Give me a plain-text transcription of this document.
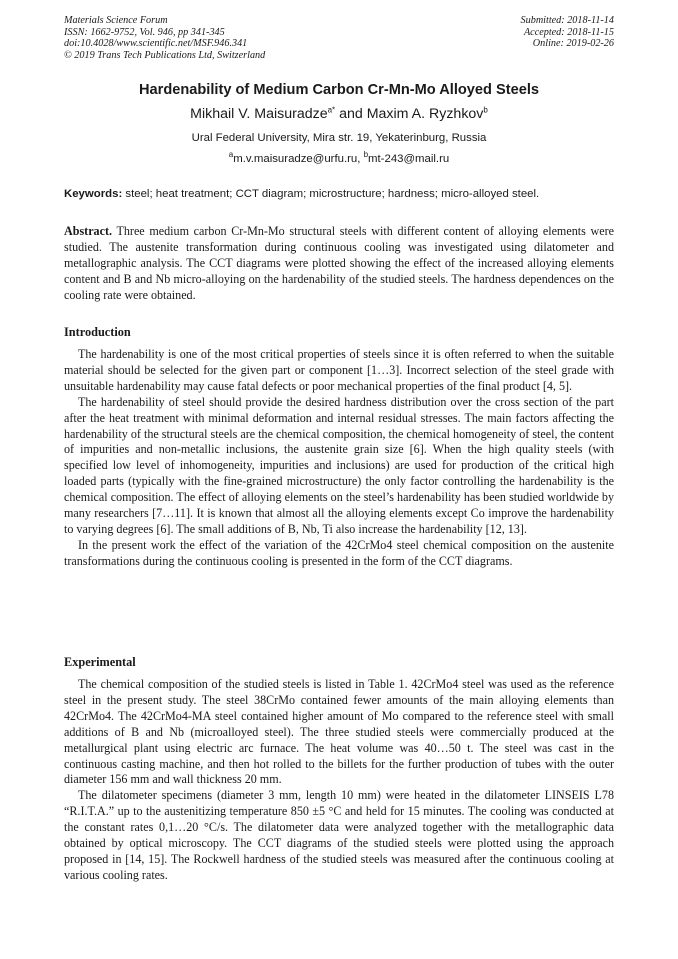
Materials Science Forum
ISSN: 1662-9752, Vol. 946, pp 341-345
doi:10.4028/www.scientific.net/MSF.946.341
© 2019 Trans Tech Publications Ltd, Switzerland
Submitted: 2018-11-14
Accepted: 2018-11-15
Online: 2019-02-26
Hardenability of Medium Carbon Cr-Mn-Mo Alloyed Steels
Mikhail V. Maisuradze$^{a*}$ and Maxim A. Ryzhkov$^b$
Ural Federal University, Mira str. 19, Yekaterinburg, Russia
$^a$m.v.maisuradze@urfu.ru, $^b$mt-243@mail.ru
Keywords: steel; heat treatment; CCT diagram; microstructure; hardness; micro-alloyed steel.
Abstract. Three medium carbon Cr-Mn-Mo structural steels with different content of alloying elements were studied. The austenite transformation during continuous cooling was investigated using dilatometer and metallographic analysis. The CCT diagrams were plotted showing the effect of the increased alloying elements content and B and Nb micro-alloying on the hardenability of the studied steels. The hardness dependences on the cooling rate were obtained.
Introduction

The hardenability is one of the most critical properties of steels since it is often referred to when the suitable material should be selected for the given part or component [1…3]. Incorrect selection of the steel grade with unsuitable hardenability may cause fatal defects or poor mechanical properties of the final product [4, 5].

The hardenability of steel should provide the desired hardness distribution over the cross section of the part after the heat treatment with minimal deformation and internal residual stresses. The main factors affecting the hardenability of the structural steels are the chemical composition, the chemical homogeneity of steel, the content of impurities and non-metallic inclusions, the austenite grain size [6]. When the high quality steels (with specified low level of inhomogeneity, impurities and inclusions) are used for production of the critical high loaded parts (typically with the fine-grained microstructure) the only factor controlling the hardenability is the chemical composition. The effect of alloying elements on the steel’s hardenability has been studied worldwide by many researchers [7…11]. It is known that almost all the alloying elements except Co improve the hardenability to varying degrees [6]. The small additions of B, Nb, Ti also increase the hardenability [12, 13].

In the present work the effect of the variation of the 42CrMo4 steel chemical composition on the austenite transformations during the continuous cooling is presented in the form of the CCT diagrams.

Experimental

The chemical composition of the studied steels is listed in Table 1. 42CrMo4 steel was used as the reference steel in the present study. The steel 38CrMo contained fewer amounts of the main alloying elements than 42CrMo4. The 42CrMo4-MA steel contained higher amount of Mo compared to the reference steel with small additions of B and Nb (microalloyed steel). The three studied steels were commercially produced at the metallurgical plant using electric arc furnace. The heat volume was 40…50 t. The steel was cast in the continuous casting machine, and then hot rolled to the billets for the further production of tubes with the outer diameter 156 mm and wall thickness 20 mm.

The dilatometer specimens (diameter 3 mm, length 10 mm) were heated in the dilatometer LINSEIS L78 “R.I.T.A.” up to the austenitizing temperature 850 ±5 °C and held for 15 minutes. The cooling was conducted at the constant rates 0,1…20 °C/s. The dilatometer data were analyzed together with the metallographic data obtained by optical microscopy. The CCT diagrams of the studied steels were plotted using the approach proposed in [14, 15]. The Rockwell hardness of the studied steels was measured after the continuous cooling at various cooling rates.
